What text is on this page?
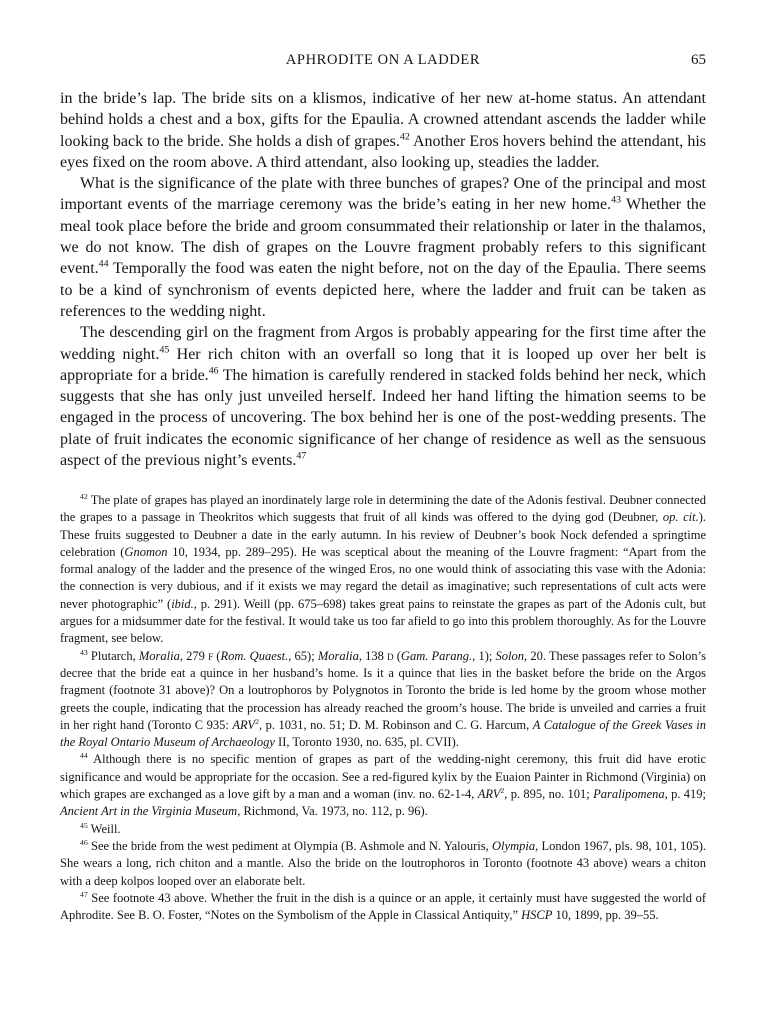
APHRODITE ON A LADDER	65

in the bride’s lap. The bride sits on a klismos, indicative of her new at-home status. An attendant behind holds a chest and a box, gifts for the Epaulia. A crowned attendant ascends the ladder while looking back to the bride. She holds a dish of grapes.$^{42}$ Another Eros hovers behind the attendant, his eyes fixed on the room above. A third attendant, also looking up, steadies the ladder.

What is the significance of the plate with three bunches of grapes? One of the principal and most important events of the marriage ceremony was the bride’s eating in her new home.$^{43}$ Whether the meal took place before the bride and groom consummated their relationship or later in the thalamos, we do not know. The dish of grapes on the Louvre fragment probably refers to this significant event.$^{44}$ Temporally the food was eaten the night before, not on the day of the Epaulia. There seems to be a kind of synchronism of events depicted here, where the ladder and fruit can be taken as references to the wedding night.

The descending girl on the fragment from Argos is probably appearing for the first time after the wedding night.$^{45}$ Her rich chiton with an overfall so long that it is looped up over her belt is appropriate for a bride.$^{46}$ The himation is carefully rendered in stacked folds behind her neck, which suggests that she has only just unveiled herself. Indeed her hand lifting the himation seems to be engaged in the process of uncovering. The box behind her is one of the post-wedding presents. The plate of fruit indicates the economic significance of her change of residence as well as the sensuous aspect of the previous night’s events.$^{47}$

$^{42}$ The plate of grapes has played an inordinately large role in determining the date of the Adonis festival. Deubner connected the grapes to a passage in Theokritos which suggests that fruit of all kinds was offered to the dying god (Deubner, op. cit.). These fruits suggested to Deubner a date in the early autumn. In his review of Deubner’s book Nock defended a springtime celebration (Gnomon 10, 1934, pp. 289–295). He was sceptical about the meaning of the Louvre fragment: “Apart from the formal analogy of the ladder and the presence of the winged Eros, no one would think of associating this vase with the Adonia: the connection is very dubious, and if it exists we may regard the detail as imaginative; such representations of cult acts were never photographic” (ibid., p. 291). Weill (pp. 675–698) takes great pains to reinstate the grapes as part of the Adonis cult, but argues for a midsummer date for the festival. It would take us too far afield to go into this problem thoroughly. As for the Louvre fragment, see below.

$^{43}$ Plutarch, Moralia, 279 f (Rom. Quaest., 65); Moralia, 138 d (Gam. Parang., 1); Solon, 20. These passages refer to Solon’s decree that the bride eat a quince in her husband’s home. Is it a quince that lies in the basket before the bride on the Argos fragment (footnote 31 above)? On a loutrophoros by Polygnotos in Toronto the bride is led home by the groom whose mother greets the couple, indicating that the procession has already reached the groom’s house. The bride is unveiled and carries a fruit in her right hand (Toronto C 935: ARV$^2$, p. 1031, no. 51; D. M. Robinson and C. G. Harcum, A Catalogue of the Greek Vases in the Royal Ontario Museum of Archaeology II, Toronto 1930, no. 635, pl. CVII).

$^{44}$ Although there is no specific mention of grapes as part of the wedding-night ceremony, this fruit did have erotic significance and would be appropriate for the occasion. See a red-figured kylix by the Euaion Painter in Richmond (Virginia) on which grapes are exchanged as a love gift by a man and a woman (inv. no. 62-1-4, ARV$^2$, p. 895, no. 101; Paralipomena, p. 419; Ancient Art in the Virginia Museum, Richmond, Va. 1973, no. 112, p. 96).

$^{45}$ Weill.

$^{46}$ See the bride from the west pediment at Olympia (B. Ashmole and N. Yalouris, Olympia, London 1967, pls. 98, 101, 105). She wears a long, rich chiton and a mantle. Also the bride on the loutrophoros in Toronto (footnote 43 above) wears a chiton with a deep kolpos looped over an elaborate belt.

$^{47}$ See footnote 43 above. Whether the fruit in the dish is a quince or an apple, it certainly must have suggested the world of Aphrodite. See B. O. Foster, “Notes on the Symbolism of the Apple in Classical Antiquity,” HSCP 10, 1899, pp. 39–55.
